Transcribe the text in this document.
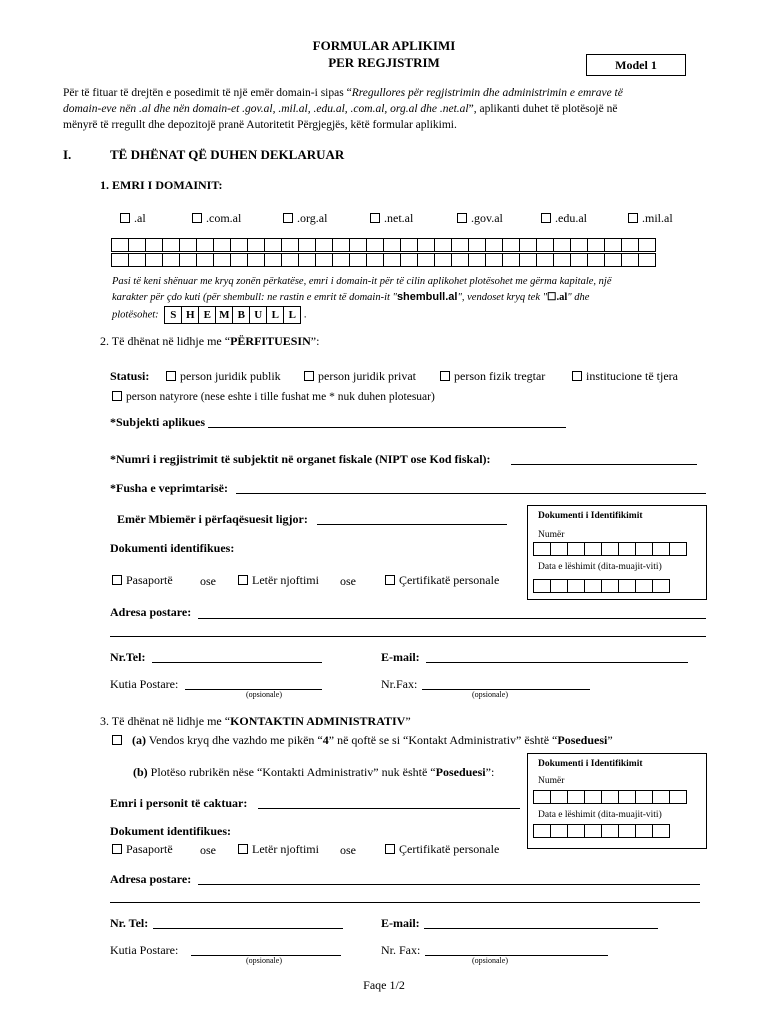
FORMULAR APLIKIMI
PER REGJISTRIM	Model 1
Për të fituar të drejtën e posedimit të një emër domain-i sipas “Rregullores për regjistrimin dhe administrimin e emrave të
domain-eve nën .al dhe nën domain-et .gov.al, .mil.al, .edu.al, .com.al, org.al dhe .net.al”, aplikanti duhet të plotësojë në
mënyrë të rregullt dhe depozitojë pranë Autoritetit Përgjegjës, këtë formular aplikimi.
I.	TË DHËNAT QË DUHEN DEKLARUAR
1. EMRI I DOMAINIT:
.al	.com.al	.org.al	.net.al	.gov.al	.edu.al	.mil.al
Pasi të keni shënuar me kryq zonën përkatëse, emri i domain-it për të cilin aplikohet plotësohet me gërma kapitale, një
karakter për çdo kuti (për shembull: ne rastin e emrit të domain-it "shembull.al", vendoset kryq tek "☐.al" dhe
plotësohet:	S H E M B U L L .
2. Të dhënat në lidhje me “PËRFITUESIN”:
Statusi:	person juridik publik	person juridik privat	person fizik tregtar	institucione të tjera
person natyrore (nese eshte i tille fushat me * nuk duhen plotesuar)
*Subjekti aplikues
*Numri i regjistrimit të subjektit në organet fiskale (NIPT ose Kod fiskal):
*Fusha e veprimtarisë:
Emër Mbiemër i përfaqësuesit ligjor:
Dokumenti identifikues:
Pasaportë ose	Letër njoftimi ose	Çertifikatë personale
Dokumenti i Identifikimit
Numër
Data e lëshimit (dita-muajit-viti)
Adresa postare:
Nr.Tel:	E-mail:
Kutia Postare:
(opsionale)
Nr.Fax:
(opsionale)
3. Të dhënat në lidhje me “KONTAKTIN ADMINISTRATIV”
(a) Vendos kryq dhe vazhdo me pikën “4” në qoftë se si “Kontakt Administrativ” është “Poseduesi”
(b) Plotëso rubrikën nëse “Kontakti Administrativ” nuk është “Poseduesi”:
Dokumenti i Identifikimit
Numër
Data e lëshimit (dita-muajit-viti)
Emri i personit të caktuar:
Dokument identifikues:
Pasaportë ose	Letër njoftimi ose	Çertifikatë personale
Adresa postare:
Nr. Tel:	E-mail:
Kutia Postare:
(opsionale)
Nr. Fax:
(opsionale)
Faqe 1/2
